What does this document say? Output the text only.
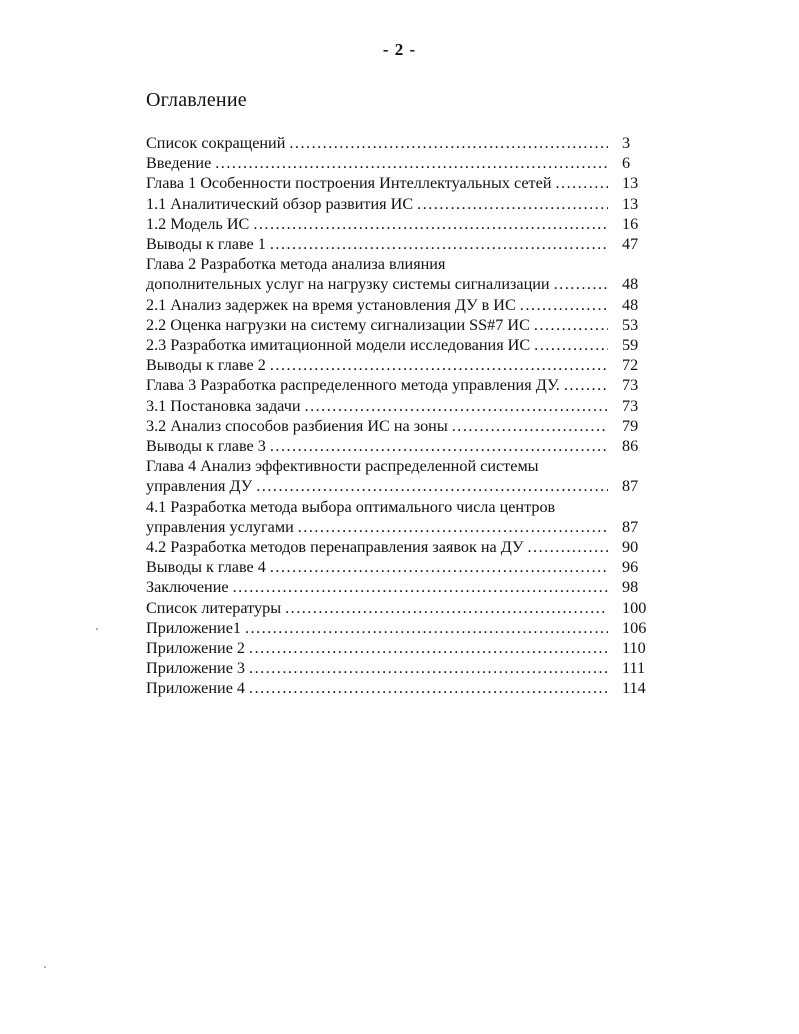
- 2 -
Оглавление
Список сокращений .....	3
Введение .....	6
Глава 1 Особенности построения Интеллектуальных сетей .....	13
1.1 Аналитический обзор развития ИС .....	13
1.2 Модель ИС .....	16
Выводы к главе 1 .....	47
Глава 2 Разработка метода анализа влияния
дополнительных услуг на нагрузку системы сигнализации .....	48
2.1 Анализ задержек на время установления ДУ в ИС .....	48
2.2 Оценка нагрузки на систему сигнализации SS#7 ИС .....	53
2.3 Разработка имитационной модели исследования ИС .....	59
Выводы к главе 2 .....	72
Глава 3 Разработка распределенного метода управления ДУ. .....	73
3.1 Постановка задачи .....	73
3.2 Анализ способов разбиения ИС на зоны .....	79
Выводы к главе 3 .....	86
Глава 4 Анализ эффективности распределенной системы
управления ДУ .....	87
4.1 Разработка метода выбора оптимального числа центров
управления услугами .....	87
4.2 Разработка методов перенаправления заявок на ДУ .....	90
Выводы к главе 4 .....	96
Заключение .....	98
Список литературы .....	100
Приложение1 .....	106
Приложение 2 .....	110
Приложение 3 .....	111
Приложение 4 .....	114
